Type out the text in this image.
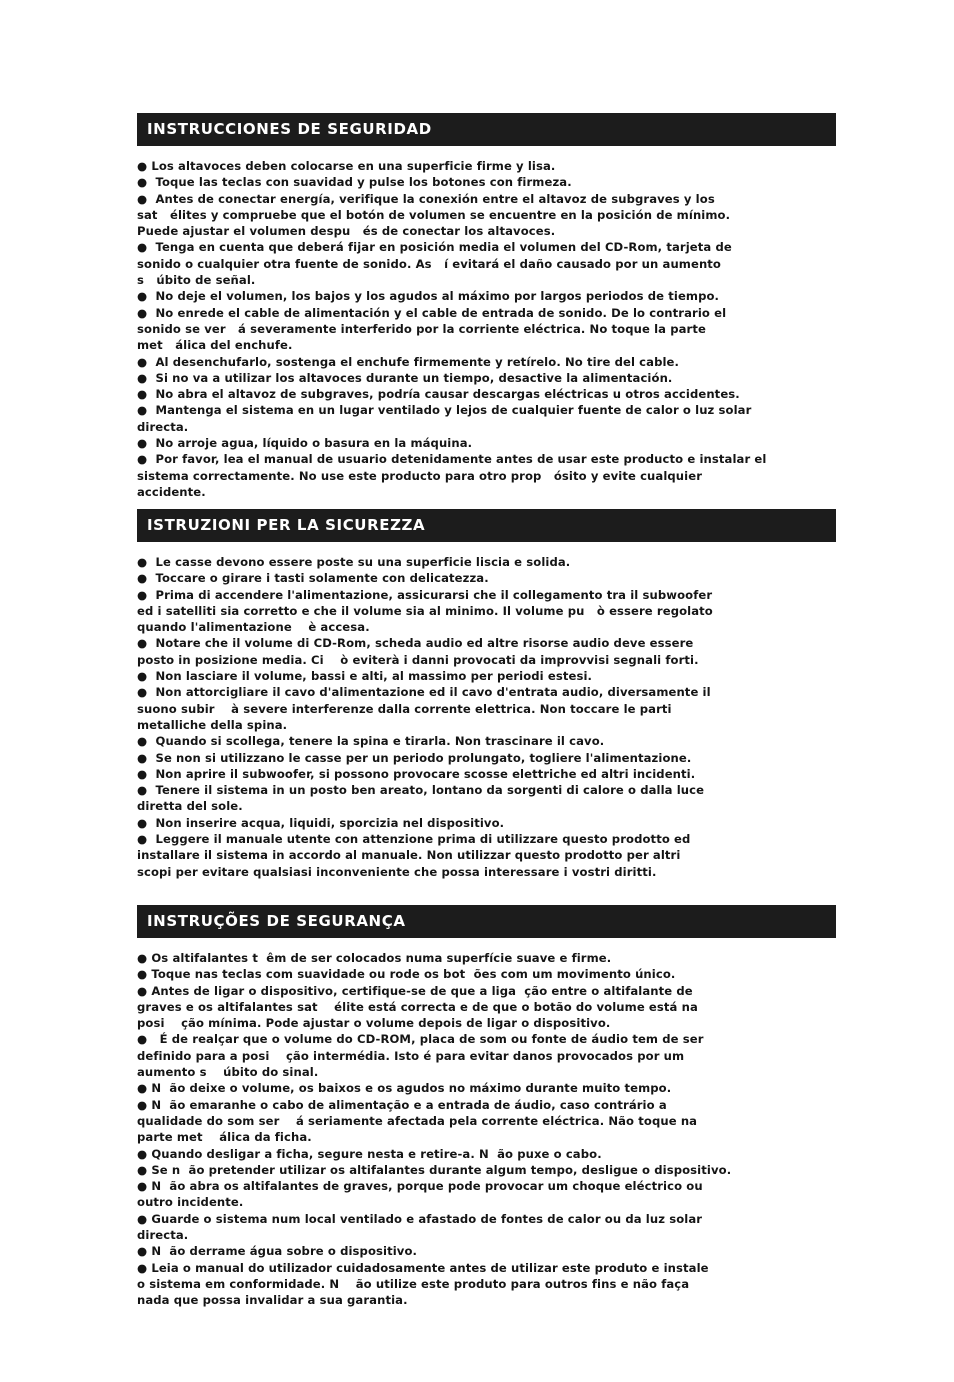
INSTRUCCIONES DE SEGURIDAD
● Los altavoces deben colocarse en una superficie firme y lisa.
●  Toque las teclas con suavidad y pulse los botones con firmeza.
●  Antes de conectar energía, verifique la conexión entre el altavoz de subgraves y los
sat   élites y compruebe que el botón de volumen se encuentre en la posición de mínimo.
Puede ajustar el volumen despu   és de conectar los altavoces.
●  Tenga en cuenta que deberá fijar en posición media el volumen del CD-Rom, tarjeta de
sonido o cualquier otra fuente de sonido. As   í evitará el daño causado por un aumento
s   úbito de señal.
●  No deje el volumen, los bajos y los agudos al máximo por largos periodos de tiempo.
●  No enrede el cable de alimentación y el cable de entrada de sonido. De lo contrario el
sonido se ver   á severamente interferido por la corriente eléctrica. No toque la parte
met   álica del enchufe.
●  Al desenchufarlo, sostenga el enchufe firmemente y retírelo. No tire del cable.
●  Si no va a utilizar los altavoces durante un tiempo, desactive la alimentación.
●  No abra el altavoz de subgraves, podría causar descargas eléctricas u otros accidentes.
●  Mantenga el sistema en un lugar ventilado y lejos de cualquier fuente de calor o luz solar
directa.
●  No arroje agua, líquido o basura en la máquina.
●  Por favor, lea el manual de usuario detenidamente antes de usar este producto e instalar el
sistema correctamente. No use este producto para otro prop   ósito y evite cualquier
accidente.
ISTRUZIONI PER LA SICUREZZA
●  Le casse devono essere poste su una superficie liscia e solida.
●  Toccare o girare i tasti solamente con delicatezza.
●  Prima di accendere l'alimentazione, assicurarsi che il collegamento tra il subwoofer
ed i satelliti sia corretto e che il volume sia al minimo. Il volume pu   ò essere regolato
quando l'alimentazione    è accesa.
●  Notare che il volume di CD-Rom, scheda audio ed altre risorse audio deve essere
posto in posizione media. Ci    ò eviterà i danni provocati da improvvisi segnali forti.
●  Non lasciare il volume, bassi e alti, al massimo per periodi estesi.
●  Non attorcigliare il cavo d'alimentazione ed il cavo d'entrata audio, diversamente il
suono subir    à severe interferenze dalla corrente elettrica. Non toccare le parti
metalliche della spina.
●  Quando si scollega, tenere la spina e tirarla. Non trascinare il cavo.
●  Se non si utilizzano le casse per un periodo prolungato, togliere l'alimentazione.
●  Non aprire il subwoofer, si possono provocare scosse elettriche ed altri incidenti.
●  Tenere il sistema in un posto ben areato, lontano da sorgenti di calore o dalla luce
diretta del sole.
●  Non inserire acqua, liquidi, sporcizia nel dispositivo.
●  Leggere il manuale utente con attenzione prima di utilizzare questo prodotto ed
installare il sistema in accordo al manuale. Non utilizzar questo prodotto per altri
scopi per evitare qualsiasi inconveniente che possa interessare i vostri diritti.
INSTRUÇÕES DE SEGURANÇA
● Os altifalantes t  êm de ser colocados numa superfície suave e firme.
● Toque nas teclas com suavidade ou rode os bot  ões com um movimento único.
● Antes de ligar o dispositivo, certifique-se de que a liga  ção entre o altifalante de
graves e os altifalantes sat    élite está correcta e de que o botão do volume está na
posi    ção mínima. Pode ajustar o volume depois de ligar o dispositivo.
●   É de realçar que o volume do CD-ROM, placa de som ou fonte de áudio tem de ser
definido para a posi    ção intermédia. Isto é para evitar danos provocados por um
aumento s    úbito do sinal.
● N  ão deixe o volume, os baixos e os agudos no máximo durante muito tempo.
● N  ão emaranhe o cabo de alimentação e a entrada de áudio, caso contrário a
qualidade do som ser    á seriamente afectada pela corrente eléctrica. Não toque na
parte met    álica da ficha.
● Quando desligar a ficha, segure nesta e retire-a. N  ão puxe o cabo.
● Se n  ão pretender utilizar os altifalantes durante algum tempo, desligue o dispositivo.
● N  ão abra os altifalantes de graves, porque pode provocar um choque eléctrico ou
outro incidente.
● Guarde o sistema num local ventilado e afastado de fontes de calor ou da luz solar
directa.
● N  ão derrame água sobre o dispositivo.
● Leia o manual do utilizador cuidadosamente antes de utilizar este produto e instale
o sistema em conformidade. N    ão utilize este produto para outros fins e não faça
nada que possa invalidar a sua garantia.
